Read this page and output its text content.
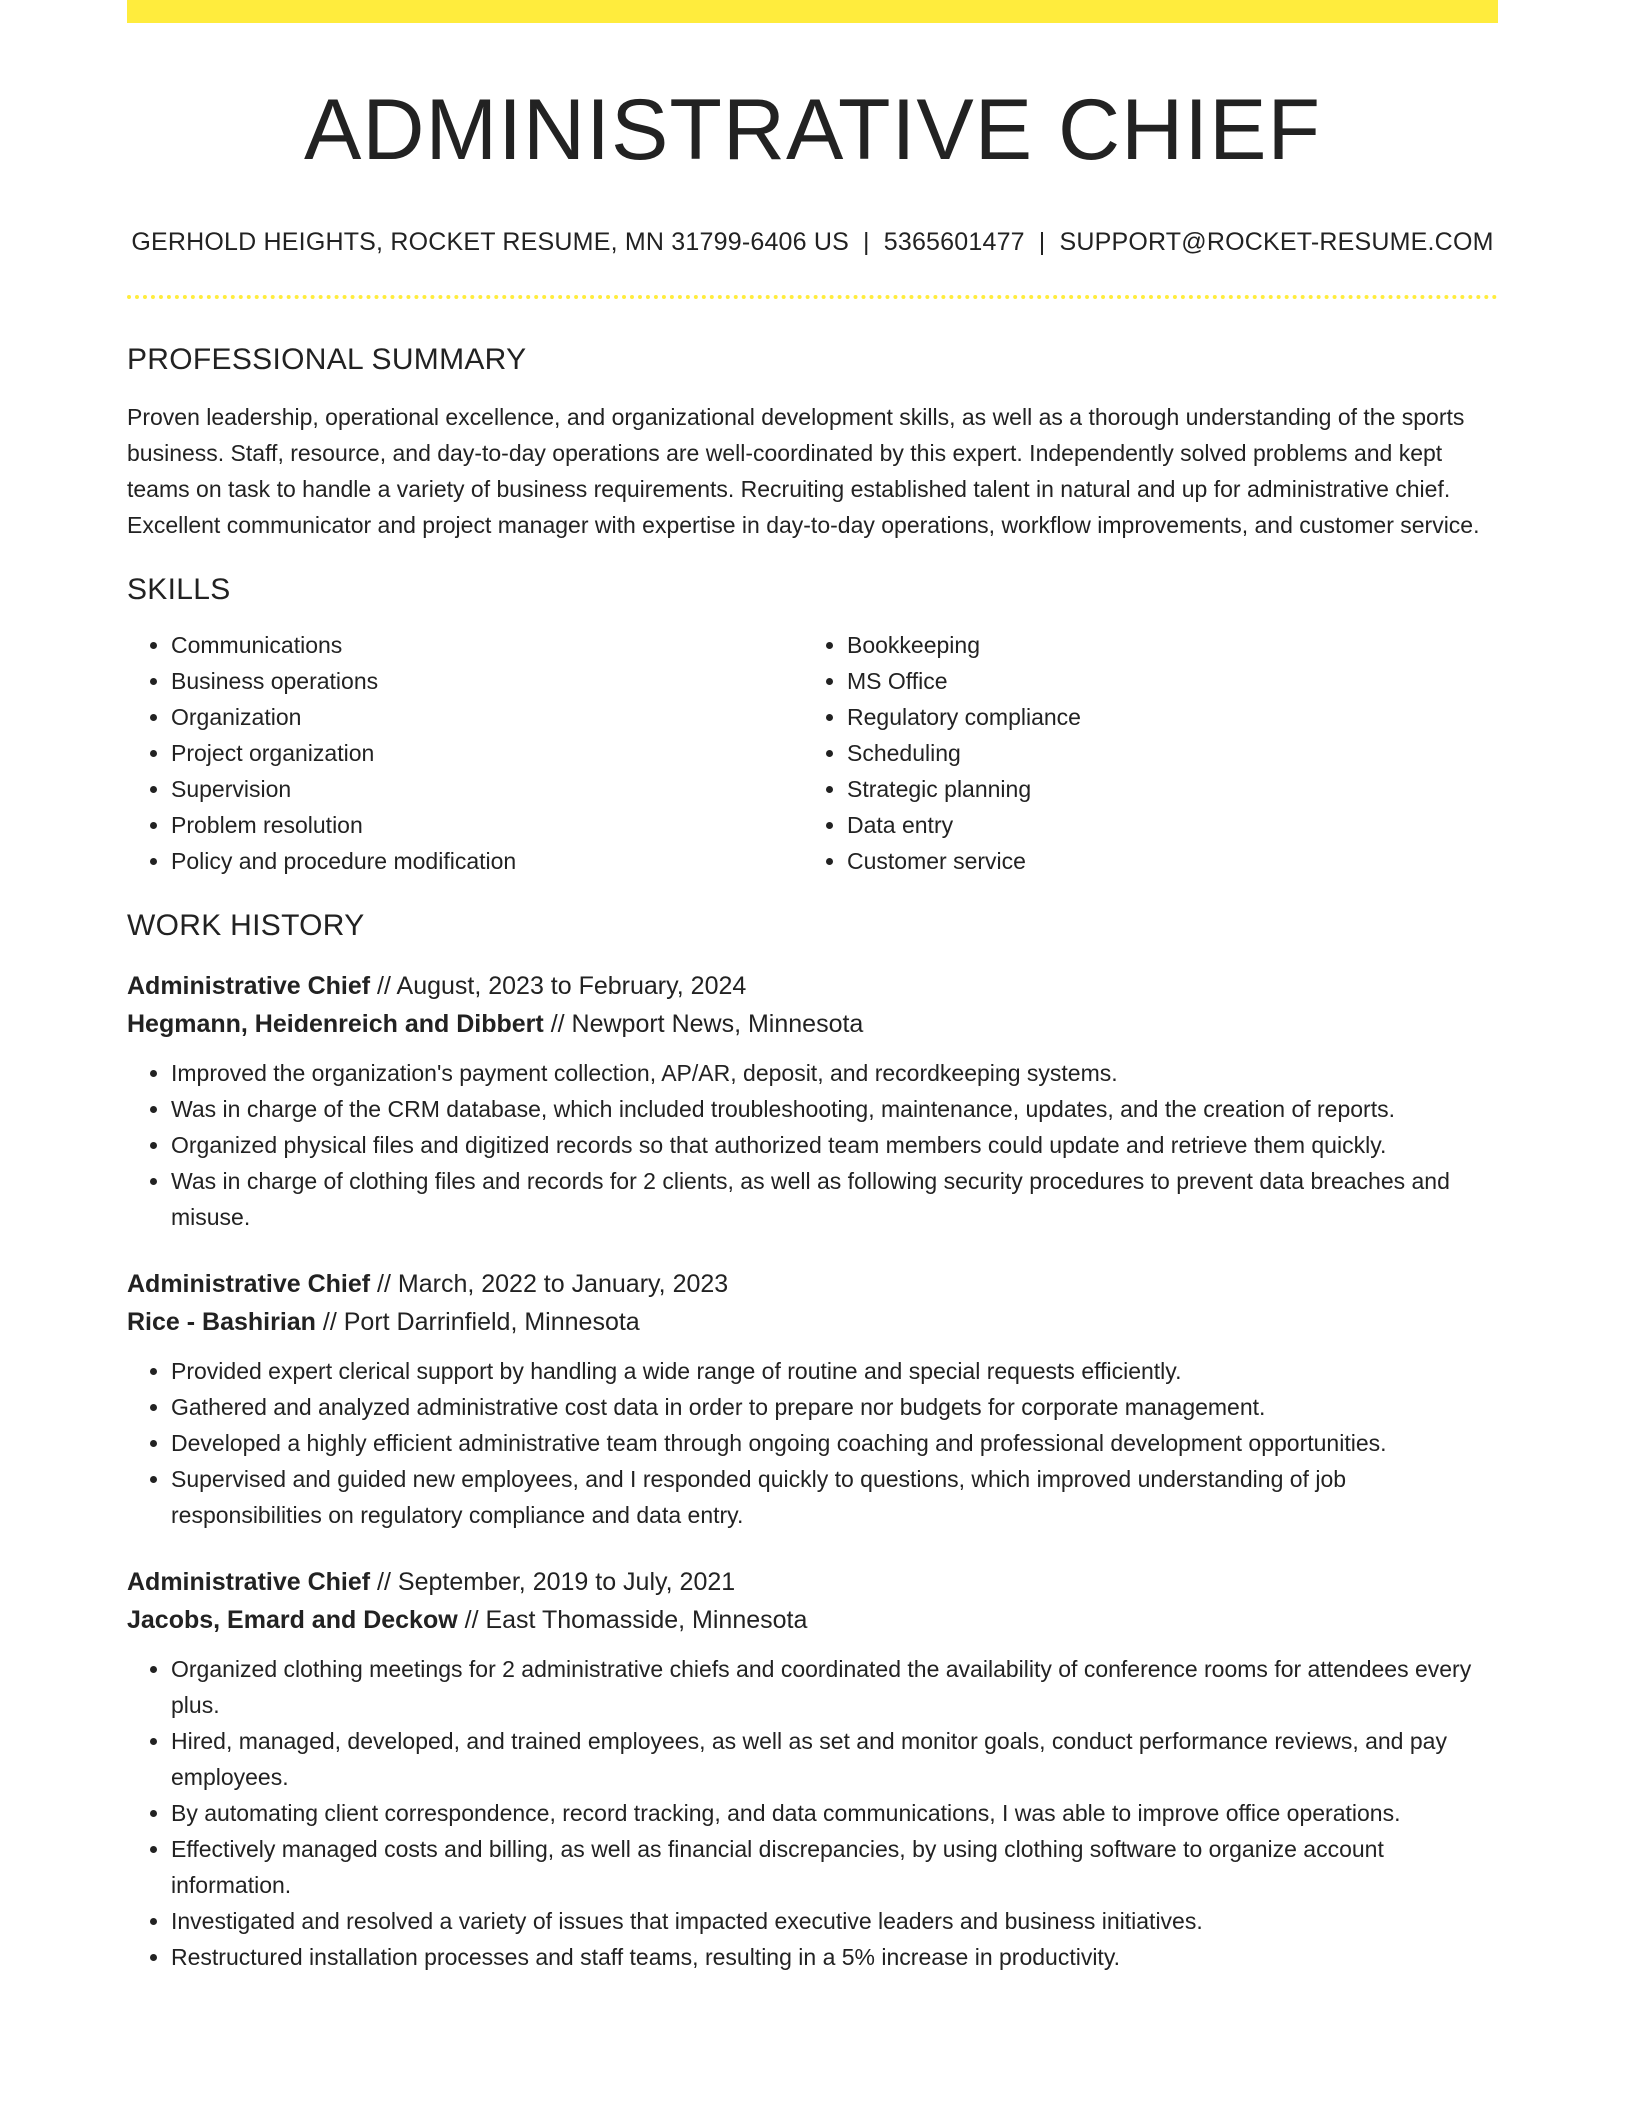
ADMINISTRATIVE CHIEF
GERHOLD HEIGHTS, ROCKET RESUME, MN 31799-6406 US | 5365601477 | SUPPORT@ROCKET-RESUME.COM
PROFESSIONAL SUMMARY

Proven leadership, operational excellence, and organizational development skills, as well as a thorough understanding of the sports business. Staff, resource, and day-to-day operations are well-coordinated by this expert. Independently solved problems and kept teams on task to handle a variety of business requirements. Recruiting established talent in natural and up for administrative chief. Excellent communicator and project manager with expertise in day-to-day operations, workflow improvements, and customer service.

SKILLS
• Communications
• Business operations
• Organization
• Project organization
• Supervision
• Problem resolution
• Policy and procedure modification
• Bookkeeping
• MS Office
• Regulatory compliance
• Scheduling
• Strategic planning
• Data entry
• Customer service
WORK HISTORY
Administrative Chief // August, 2023 to February, 2024
Hegmann, Heidenreich and Dibbert // Newport News, Minnesota
• Improved the organization's payment collection, AP/AR, deposit, and recordkeeping systems.
• Was in charge of the CRM database, which included troubleshooting, maintenance, updates, and the creation of reports.
• Organized physical files and digitized records so that authorized team members could update and retrieve them quickly.
• Was in charge of clothing files and records for 2 clients, as well as following security procedures to prevent data breaches and misuse.
Administrative Chief // March, 2022 to January, 2023
Rice - Bashirian // Port Darrinfield, Minnesota
• Provided expert clerical support by handling a wide range of routine and special requests efficiently.
• Gathered and analyzed administrative cost data in order to prepare nor budgets for corporate management.
• Developed a highly efficient administrative team through ongoing coaching and professional development opportunities.
• Supervised and guided new employees, and I responded quickly to questions, which improved understanding of job responsibilities on regulatory compliance and data entry.
Administrative Chief // September, 2019 to July, 2021
Jacobs, Emard and Deckow // East Thomasside, Minnesota
• Organized clothing meetings for 2 administrative chiefs and coordinated the availability of conference rooms for attendees every plus.
• Hired, managed, developed, and trained employees, as well as set and monitor goals, conduct performance reviews, and pay employees.
• By automating client correspondence, record tracking, and data communications, I was able to improve office operations.
• Effectively managed costs and billing, as well as financial discrepancies, by using clothing software to organize account information.
• Investigated and resolved a variety of issues that impacted executive leaders and business initiatives.
• Restructured installation processes and staff teams, resulting in a 5% increase in productivity.
